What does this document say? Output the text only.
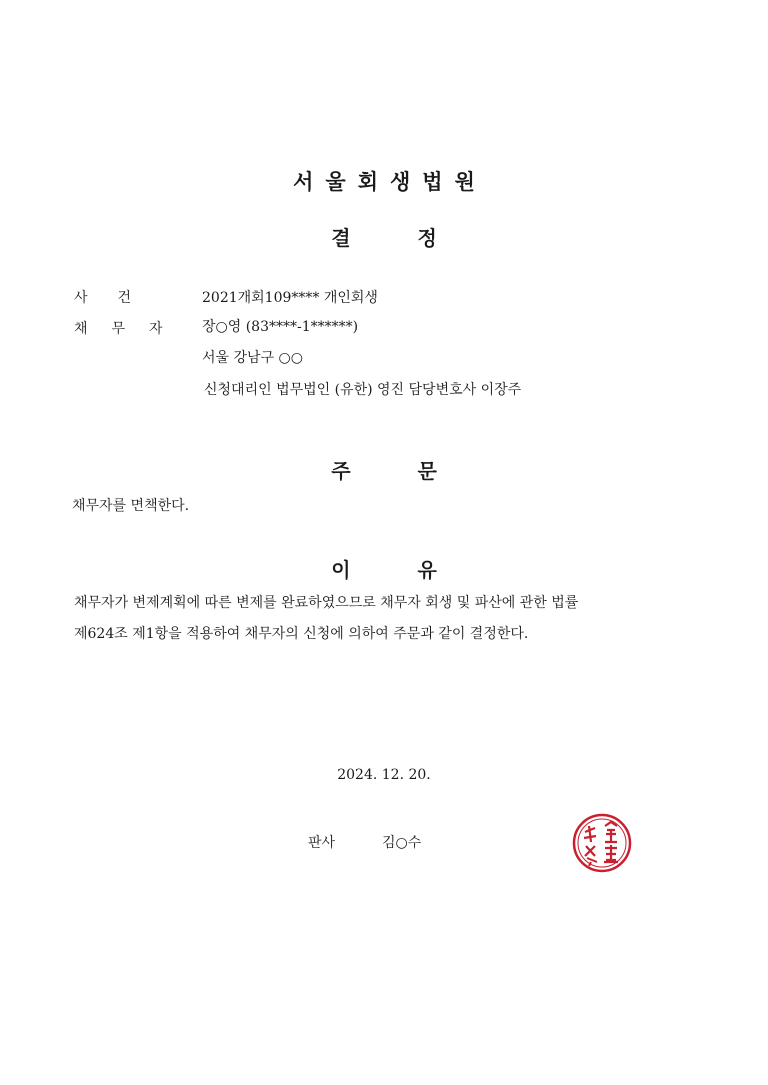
서울회생법원
결 정
사건	2021개회109**** 개인회생
채무자 장○영 (83****-1******)
서울 강남구 ○○
신청대리인 법무법인 (유한) 영진 담당변호사 이장주
주 문
채무자를 면책한다.
이 유
채무자가 변제계획에 따른 변제를 완료하였으므로 채무자 회생 및 파산에 관한 법률
제624조 제1항을 적용하여 채무자의 신청에 의하여 주문과 같이 결정한다.
2024. 12. 20.
판사	김○수
